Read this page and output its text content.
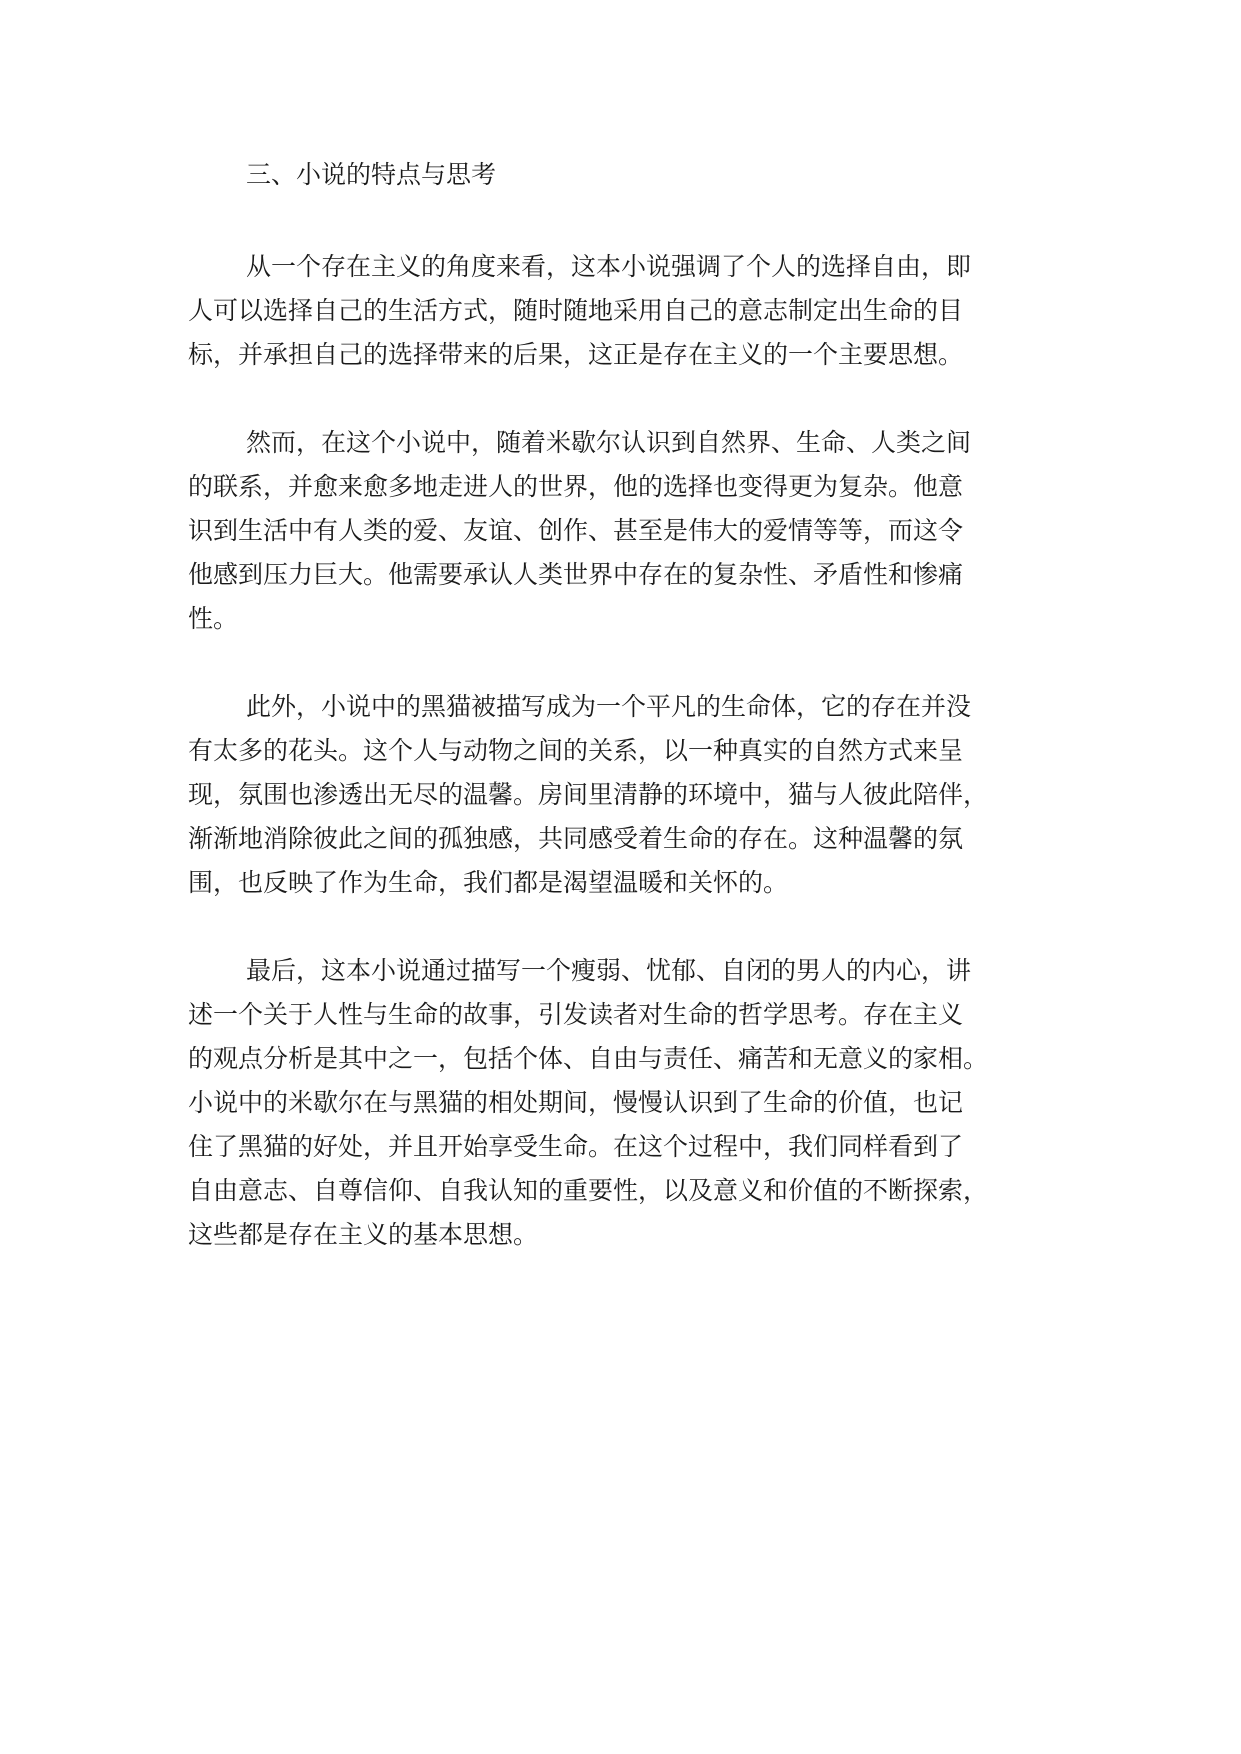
三、小说的特点与思考
从一个存在主义的角度来看，这本小说强调了个人的选择自由，即
人可以选择自己的生活方式，随时随地采用自己的意志制定出生命的目
标，并承担自己的选择带来的后果，这正是存在主义的一个主要思想。
然而，在这个小说中，随着米歇尔认识到自然界、生命、人类之间
的联系，并愈来愈多地走进人的世界，他的选择也变得更为复杂。他意
识到生活中有人类的爱、友谊、创作、甚至是伟大的爱情等等，而这令
他感到压力巨大。他需要承认人类世界中存在的复杂性、矛盾性和惨痛
性。
此外，小说中的黑猫被描写成为一个平凡的生命体，它的存在并没
有太多的花头。这个人与动物之间的关系，以一种真实的自然方式来呈
现，氛围也渗透出无尽的温馨。房间里清静的环境中，猫与人彼此陪伴，
渐渐地消除彼此之间的孤独感，共同感受着生命的存在。这种温馨的氛
围，也反映了作为生命，我们都是渴望温暖和关怀的。
最后，这本小说通过描写一个瘦弱、忧郁、自闭的男人的内心，讲
述一个关于人性与生命的故事，引发读者对生命的哲学思考。存在主义
的观点分析是其中之一，包括个体、自由与责任、痛苦和无意义的家相。
小说中的米歇尔在与黑猫的相处期间，慢慢认识到了生命的价值，也记
住了黑猫的好处，并且开始享受生命。在这个过程中，我们同样看到了
自由意志、自尊信仰、自我认知的重要性，以及意义和价值的不断探索，
这些都是存在主义的基本思想。
